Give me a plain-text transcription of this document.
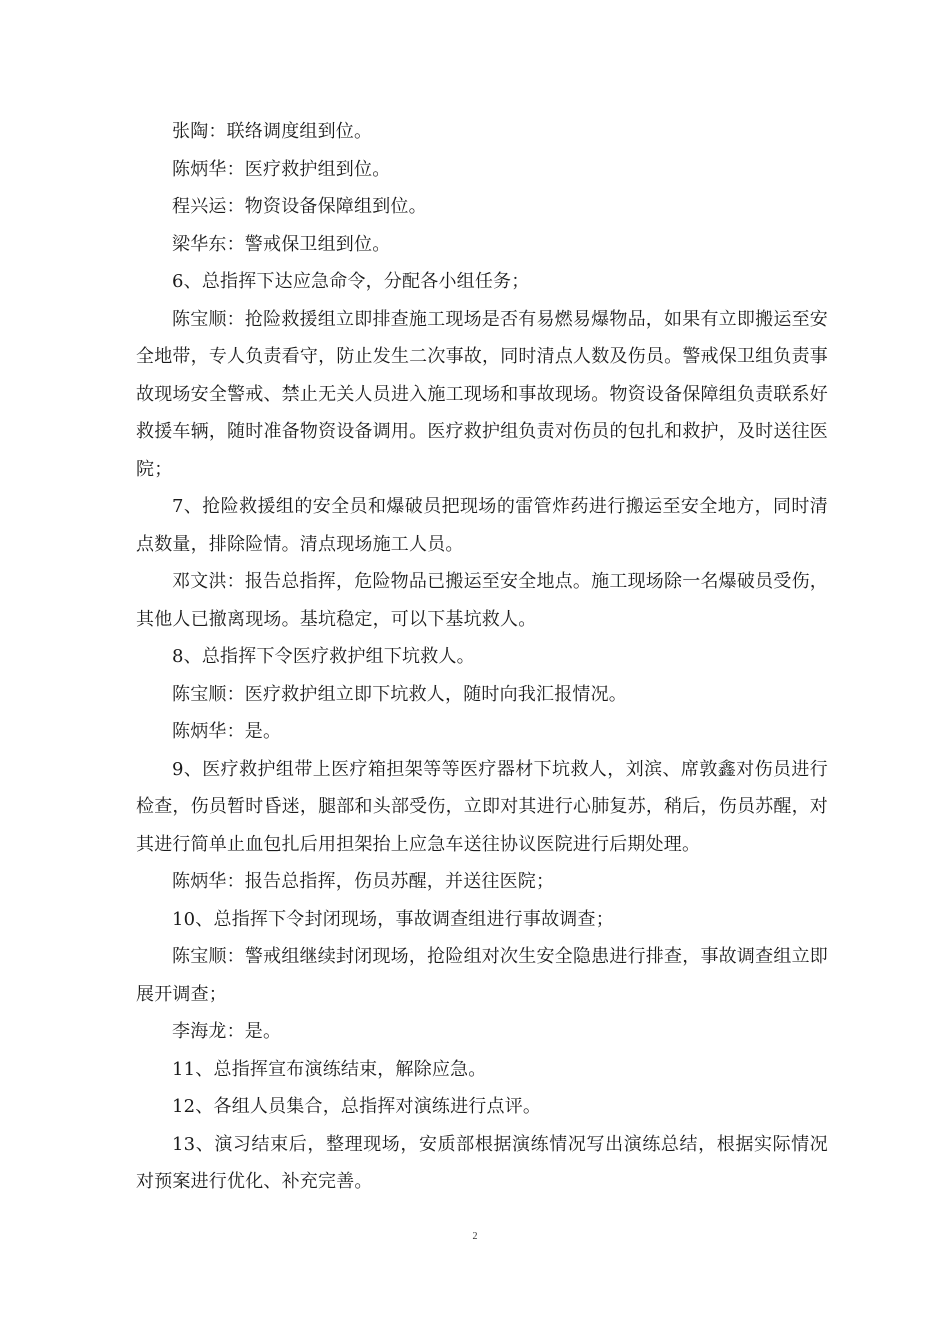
张陶：联络调度组到位。

陈炳华：医疗救护组到位。

程兴运：物资设备保障组到位。

梁华东：警戒保卫组到位。

6、总指挥下达应急命令，分配各小组任务；

陈宝顺：抢险救援组立即排查施工现场是否有易燃易爆物品，如果有立即搬运至安全地带，专人负责看守，防止发生二次事故，同时清点人数及伤员。警戒保卫组负责事故现场安全警戒、禁止无关人员进入施工现场和事故现场。物资设备保障组负责联系好救援车辆，随时准备物资设备调用。医疗救护组负责对伤员的包扎和救护，及时送往医院；

7、抢险救援组的安全员和爆破员把现场的雷管炸药进行搬运至安全地方，同时清点数量，排除险情。清点现场施工人员。

邓文洪：报告总指挥，危险物品已搬运至安全地点。施工现场除一名爆破员受伤，其他人已撤离现场。基坑稳定，可以下基坑救人。

8、总指挥下令医疗救护组下坑救人。

陈宝顺：医疗救护组立即下坑救人，随时向我汇报情况。

陈炳华：是。

9、医疗救护组带上医疗箱担架等等医疗器材下坑救人，刘滨、席敦鑫对伤员进行检查，伤员暂时昏迷，腿部和头部受伤，立即对其进行心肺复苏，稍后，伤员苏醒，对其进行简单止血包扎后用担架抬上应急车送往协议医院进行后期处理。

陈炳华：报告总指挥，伤员苏醒，并送往医院；

10、总指挥下令封闭现场，事故调查组进行事故调查；

陈宝顺：警戒组继续封闭现场，抢险组对次生安全隐患进行排查，事故调查组立即展开调查；

李海龙：是。

11、总指挥宣布演练结束，解除应急。

12、各组人员集合，总指挥对演练进行点评。

13、演习结束后，整理现场，安质部根据演练情况写出演练总结，根据实际情况对预案进行优化、补充完善。

2
